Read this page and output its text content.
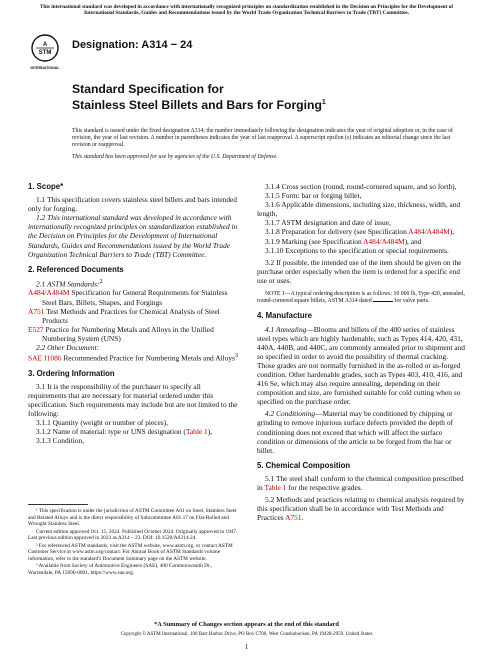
This international standard was developed in accordance with internationally recognized principles on standardization established in the Decision on Principles for the Development of International Standards, Guides and Recommendations issued by the World Trade Organization Technical Barriers to Trade (TBT) Committee.
A
STM
INTERNATIONAL
Designation: A314 − 24
Standard Specification for
Stainless Steel Billets and Bars for Forging$^1$

This standard is issued under the fixed designation A314; the number immediately following the designation indicates the year of original adoption or, in the case of revision, the year of last revision. A number in parentheses indicates the year of last reapproval. A superscript epsilon (ε) indicates an editorial change since the last revision or reapproval.

This standard has been approved for use by agencies of the U.S. Department of Defense.

1. Scope*

1.1 This specification covers stainless steel billets and bars intended only for forging.

1.2 This international standard was developed in accordance with internationally recognized principles on standardization established in the Decision on Principles for the Development of International Standards, Guides and Recommendations issued by the World Trade Organization Technical Barriers to Trade (TBT) Committee.

2. Referenced Documents

2.1 ASTM Standards:$^2$

A484/A484M Specification for General Requirements for Stainless Steel Bars, Billets, Shapes, and Forgings

A751 Test Methods and Practices for Chemical Analysis of Steel Products

E527 Practice for Numbering Metals and Alloys in the Unified Numbering System (UNS)

2.2 Other Document:

SAE J1086 Recommended Practice for Numbering Metals and Alloys$^3$

3. Ordering Information

3.1 It is the responsibility of the purchaser to specify all requirements that are necessary for material ordered under this specification. Such requirements may include but are not limited to the following:

3.1.1 Quantity (weight or number of pieces),

3.1.2 Name of material: type or UNS designation (Table 1),

3.1.3 Condition,

¹ This specification is under the jurisdiction of ASTM Committee A01 on Steel, Stainless Steel and Related Alloys and is the direct responsibility of Subcommittee A01.17 on Flat-Rolled and Wrought Stainless Steel.

Current edition approved Oct. 15, 2024. Published October 2024. Originally approved in 1947. Last previous edition approved in 2023 as A314 – 23. DOI: 10.1520/A0314-24.

² For referenced ASTM standards, visit the ASTM website, www.astm.org, or contact ASTM Customer Service at www.astm.org/contact. For Annual Book of ASTM Standards volume information, refer to the standard's Document Summary page on the ASTM website.

³ Available from Society of Automotive Engineers (SAE), 400 Commonwealth Dr., Warrendale, PA 15096-0001, https://www.sae.org.

3.1.4 Cross section (round, round-cornered square, and so forth),

3.1.5 Form: bar or forging billet,

3.1.6 Applicable dimensions, including size, thickness, width, and length,

3.1.7 ASTM designation and date of issue,

3.1.8 Preparation for delivery (see Specification A484/A484M),

3.1.9 Marking (see Specification A484/A484M), and

3.1.10 Exceptions to the specification or special requirements.

3.2 If possible, the intended use of the item should be given on the purchase order especially when the item is ordered for a specific end use or uses.

NOTE 1—A typical ordering description is as follows: 10 000 lb, Type 420, annealed, round-cornered square billets, ASTM A314 dated	for valve parts.

4. Manufacture

4.1 Annealing—Blooms and billets of the 400 series of stainless steel types which are highly hardenable, such as Types 414, 420, 431, 440A, 440B, and 440C, are commonly annealed prior to shipment and so specified in order to avoid the possibility of thermal cracking. Those grades are not normally furnished in the as-rolled or as-forged condition. Other hardenable grades, such as Types 403, 410, 416, and 416 Se, which may also require annealing, depending on their composition and size, are furnished suitable for cold cutting when so specified on the purchase order.

4.2 Conditioning—Material may be conditioned by chipping or grinding to remove injurious surface defects provided the depth of conditioning does not exceed that which will affect the surface condition or dimensions of the article to be forged from the bar or billet.

5. Chemical Composition

5.1 The steel shall conform to the chemical composition prescribed in Table 1 for the respective grades.

5.2 Methods and practices relating to chemical analysis required by this specification shall be in accordance with Test Methods and Practices A751.

*A Summary of Changes section appears at the end of this standard
Copyright © ASTM International, 100 Barr Harbor Drive, PO Box C700, West Conshohocken, PA 19428-2959. United States
1
